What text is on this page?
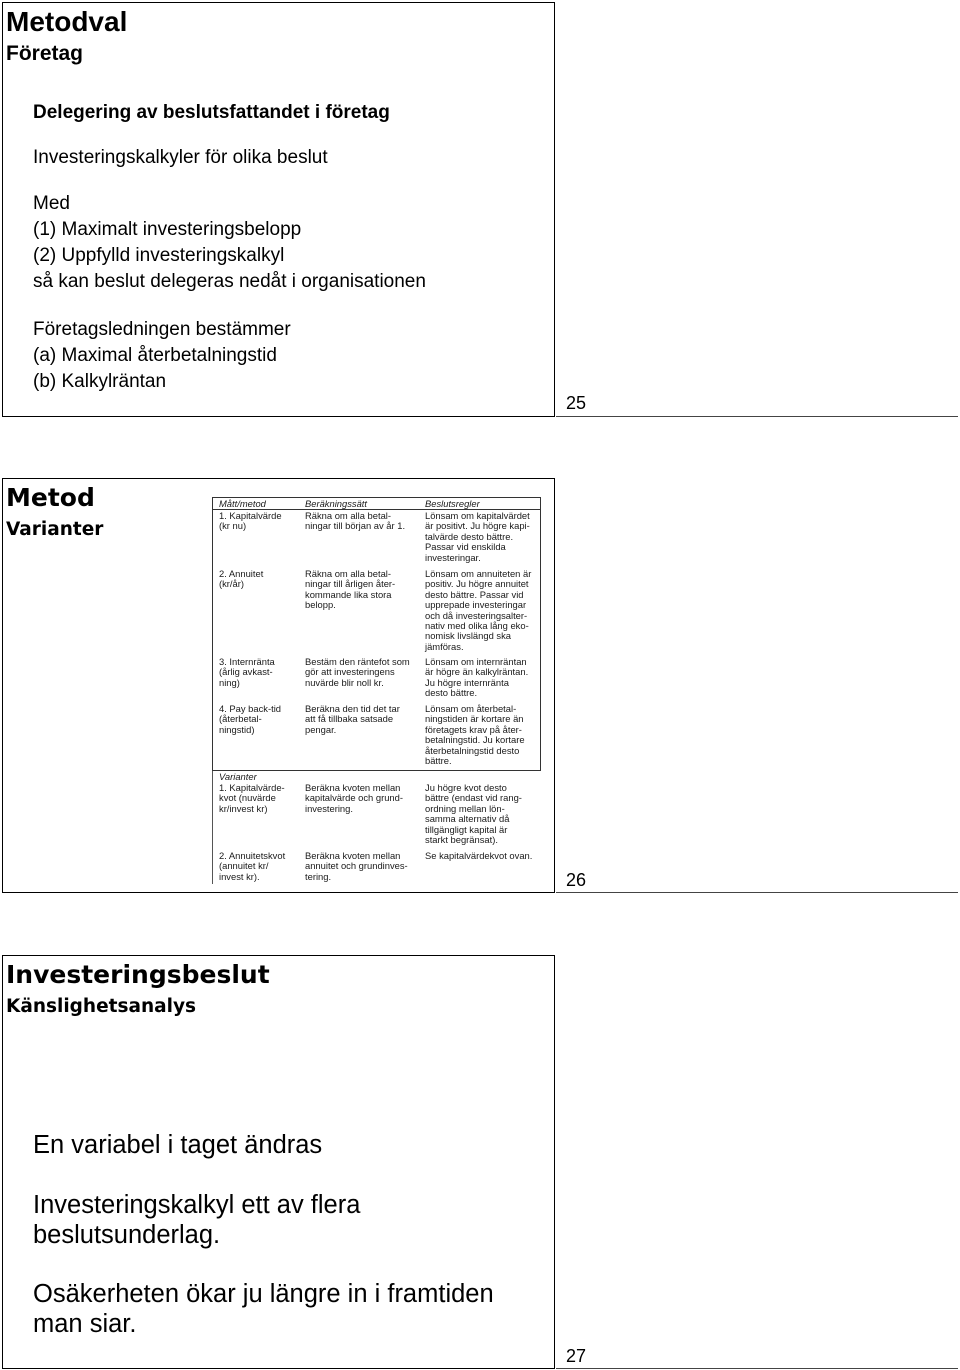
Metodval
Företag
Delegering av beslutsfattandet i företag
Investeringskalkyler för olika beslut
Med
(1) Maximalt investeringsbelopp
(2) Uppfylld investeringskalkyl
så kan beslut delegeras nedåt i organisationen
Företagsledningen bestämmer
(a) Maximal återbetalningstid
(b) Kalkylräntan
25
Metod
Varianter
Mått/metod	Beräkningssätt	Beslutsregler
1. Kapitalvärde
(kr nu)
Räkna om alla betal-
ningar till början av år 1.
Lönsam om kapitalvärdet
är positivt. Ju högre kapi-
talvärde desto bättre.
Passar vid enskilda
investeringar.
2. Annuitet
(kr/år)
Räkna om alla betal-
ningar till årligen åter-
kommande lika stora
belopp.
Lönsam om annuiteten är
positiv. Ju högre annuitet
desto bättre. Passar vid
upprepade investeringar
och då investeringsalter-
nativ med olika lång eko-
nomisk livslängd ska
jämföras.
3. Internränta
(årlig avkast-
ning)
Bestäm den räntefot som
gör att investeringens
nuvärde blir noll kr.
Lönsam om internräntan
är högre än kalkylräntan.
Ju högre internränta
desto bättre.
4. Pay back-tid
(återbetal-
ningstid)
Beräkna den tid det tar
att få tillbaka satsade
pengar.
Lönsam om återbetal-
ningstiden är kortare än
företagets krav på åter-
betalningstid. Ju kortare
återbetalningstid desto
bättre.
Varianter
1. Kapitalvärde-
kvot (nuvärde
kr/invest kr)
Beräkna kvoten mellan
kapitalvärde och grund-
investering.
Ju högre kvot desto
bättre (endast vid rang-
ordning mellan lön-
samma alternativ då
tillgängligt kapital är
starkt begränsat).
2. Annuitetskvot
(annuitet kr/
invest kr).
Beräkna kvoten mellan
annuitet och grundinves-
tering.
Se kapitalvärdekvot ovan.
26
Investeringsbeslut
Känslighetsanalys
En variabel i taget ändras
Investeringskalkyl ett av flera
beslutsunderlag.
Osäkerheten ökar ju längre in i framtiden
man siar.
27
